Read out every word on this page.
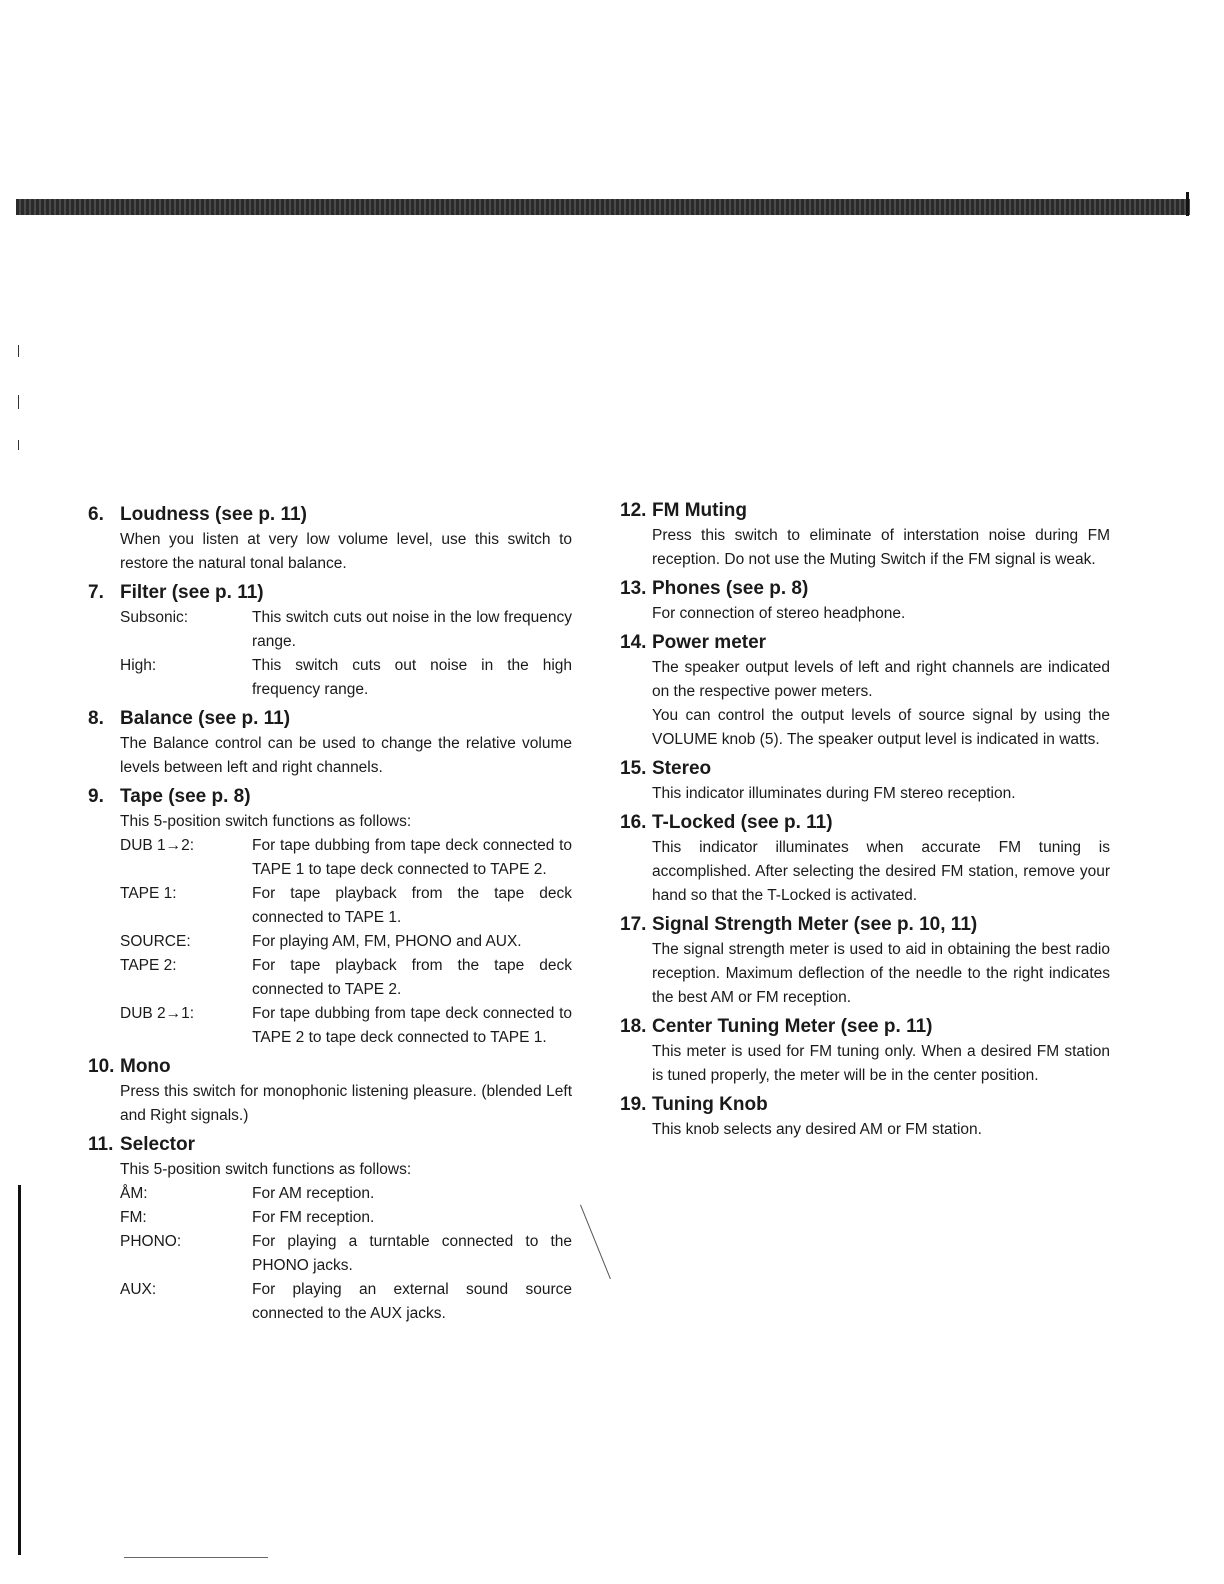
6. Loudness (see p. 11)

When you listen at very low volume level, use this switch to restore the natural tonal balance.

7. Filter (see p. 11)
Subsonic:	This switch cuts out noise in the low frequency range.
High:	This switch cuts out noise in the high frequency range.
8. Balance (see p. 11)

The Balance control can be used to change the relative volume levels between left and right channels.

9. Tape (see p. 8)

This 5-position switch functions as follows:

DUB 1→2:	For tape dubbing from tape deck connected to TAPE 1 to tape deck connected to TAPE 2.
TAPE 1:	For tape playback from the tape deck connected to TAPE 1.
SOURCE:	For playing AM, FM, PHONO and AUX.
TAPE 2:	For tape playback from the tape deck connected to TAPE 2.
DUB 2→1:	For tape dubbing from tape deck connected to TAPE 2 to tape deck connected to TAPE 1.
10. Mono

Press this switch for monophonic listening pleasure. (blended Left and Right signals.)

11. Selector

This 5-position switch functions as follows:

ÅM:	For AM reception.
FM:	For FM reception.
PHONO:	For playing a turntable connected to the PHONO jacks.
AUX:	For playing an external sound source connected to the AUX jacks.
12. FM Muting

Press this switch to eliminate of interstation noise during FM reception. Do not use the Muting Switch if the FM signal is weak.

13. Phones (see p. 8)

For connection of stereo headphone.

14. Power meter

The speaker output levels of left and right channels are indicated on the respective power meters.

You can control the output levels of source signal by using the VOLUME knob (5). The speaker output level is indicated in watts.

15. Stereo

This indicator illuminates during FM stereo reception.

16. T-Locked (see p. 11)

This indicator illuminates when accurate FM tuning is accomplished. After selecting the desired FM station, remove your hand so that the T-Locked is activated.

17. Signal Strength Meter (see p. 10, 11)

The signal strength meter is used to aid in obtaining the best radio reception. Maximum deflection of the needle to the right indicates the best AM or FM reception.

18. Center Tuning Meter (see p. 11)

This meter is used for FM tuning only. When a desired FM station is tuned properly, the meter will be in the center position.

19. Tuning Knob

This knob selects any desired AM or FM station.
